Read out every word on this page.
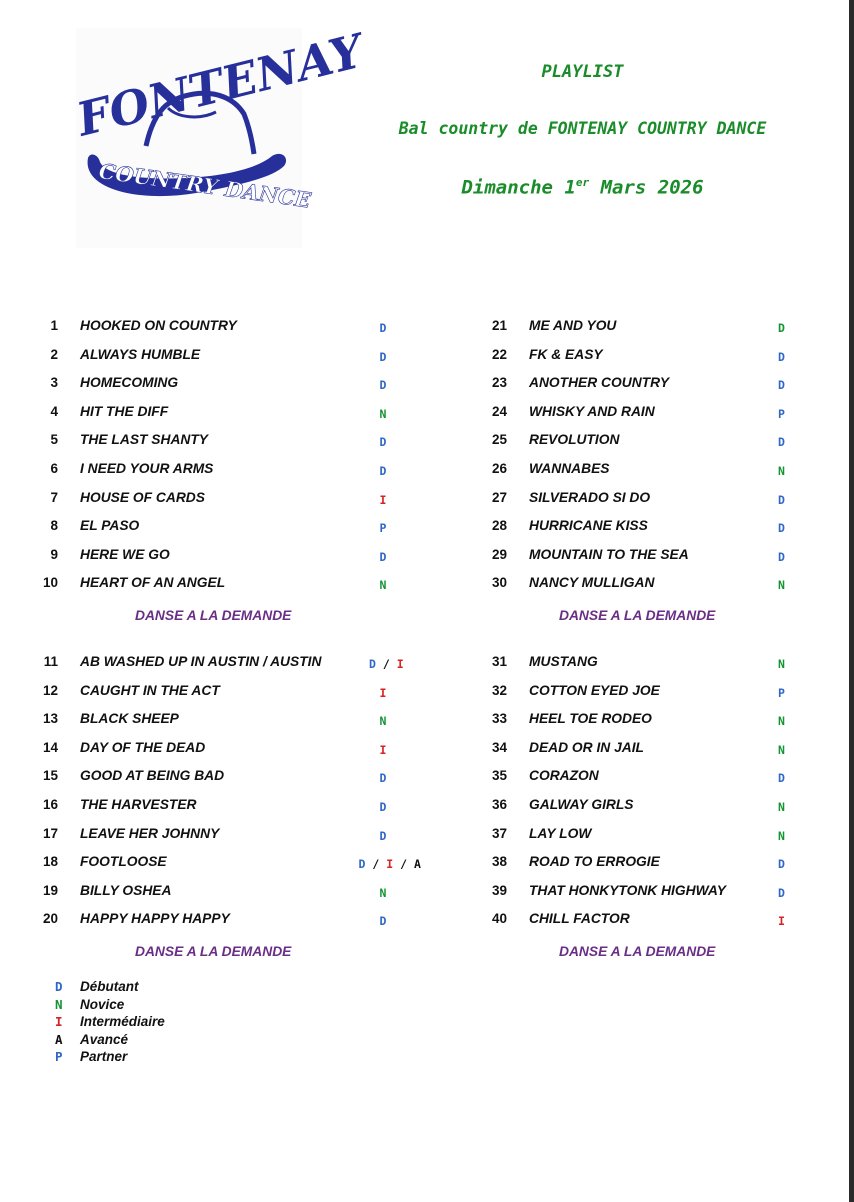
FONTENAY
COUNTRY DANCE
PLAYLIST
Bal country de FONTENAY COUNTRY DANCE
Dimanche 1er Mars 2026
1 HOOKED ON COUNTRY	D
2 ALWAYS HUMBLE	D
3 HOMECOMING	D
4 HIT THE DIFF	N
5 THE LAST SHANTY	D
6 I NEED YOUR ARMS	D
7 HOUSE OF CARDS	I
8 EL PASO	P
9 HERE WE GO	D
10 HEART OF AN ANGEL	N
DANSE A LA DEMANDE
21 ME AND YOU	D
22 FK & EASY	D
23 ANOTHER COUNTRY	D
24 WHISKY AND RAIN	P
25 REVOLUTION	D
26 WANNABES	N
27 SILVERADO SI DO	D
28 HURRICANE KISS	D
29 MOUNTAIN TO THE SEA	D
30 NANCY MULLIGAN	N
DANSE A LA DEMANDE
11 AB WASHED UP IN AUSTIN / AUSTIN	D / I
12 CAUGHT IN THE ACT	I
13 BLACK SHEEP	N
14 DAY OF THE DEAD	I
15 GOOD AT BEING BAD	D
16 THE HARVESTER	D
17 LEAVE HER JOHNNY	D
18 FOOTLOOSE	D / I / A
19 BILLY OSHEA	N
20 HAPPY HAPPY HAPPY	D
DANSE A LA DEMANDE
31 MUSTANG	N
32 COTTON EYED JOE	P
33 HEEL TOE RODEO	N
34 DEAD OR IN JAIL	N
35 CORAZON	D
36 GALWAY GIRLS	N
37 LAY LOW	N
38 ROAD TO ERROGIE	D
39 THAT HONKYTONK HIGHWAY	D
40 CHILL FACTOR	I
DANSE A LA DEMANDE
D Débutant
N Novice
I Intermédiaire
A Avancé
P Partner
